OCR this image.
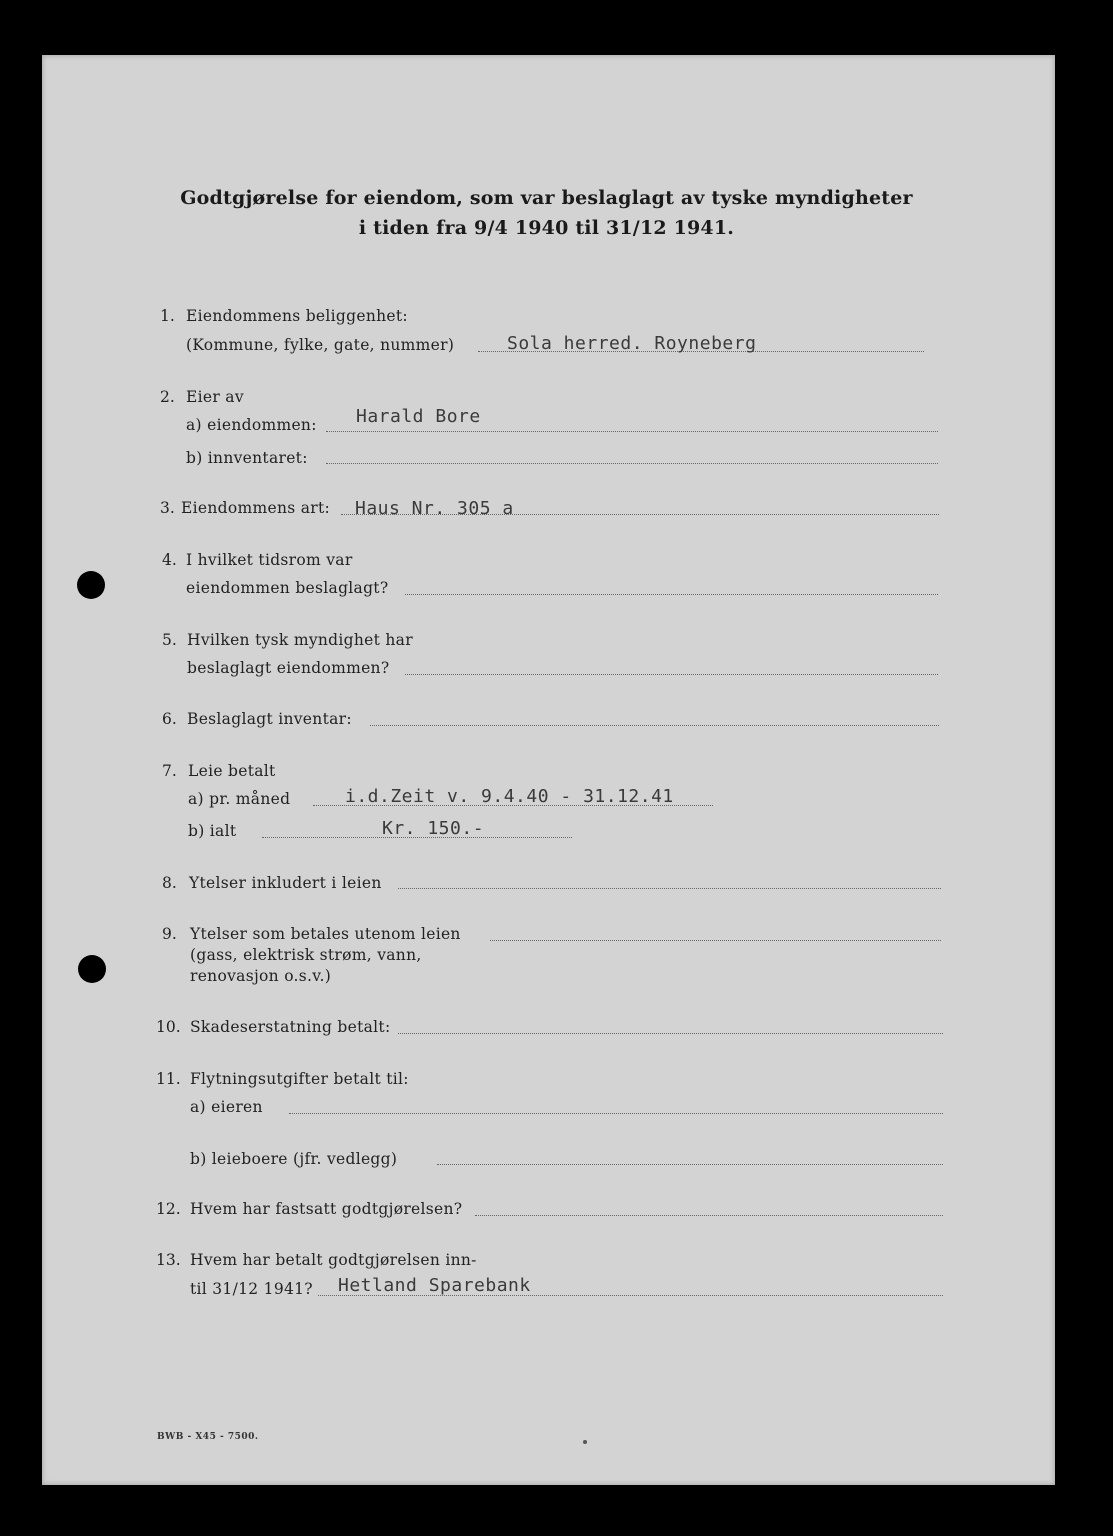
Godtgjørelse for eiendom, som var beslaglagt av tyske myndigheter
i tiden fra 9/4 1940 til 31/12 1941.
1. Eiendommens beliggenhet:
(Kommune, fylke, gate, nummer)	Sola herred. Royneberg
2. Eier av
a) eiendommen: Harald Bore
b) innventaret:
3. Eiendommens art: Haus Nr. 305 a
4. I hvilket tidsrom var
eiendommen beslaglagt?
5. Hvilken tysk myndighet har
beslaglagt eiendommen?
6. Beslaglagt inventar:
7. Leie betalt
a) pr. måned	i.d.Zeit v. 9.4.40 - 31.12.41
b) ialt	Kr. 150.-
8. Ytelser inkludert i leien
9. Ytelser som betales utenom leien
(gass, elektrisk strøm, vann,
renovasjon o.s.v.)
10. Skadeserstatning betalt:
11. Flytningsutgifter betalt til:
a) eieren
b) leieboere (jfr. vedlegg)
12. Hvem har fastsatt godtgjørelsen?
13. Hvem har betalt godtgjørelsen inn-
til 31/12 1941? Hetland Sparebank
BWB - X45 - 7500.
